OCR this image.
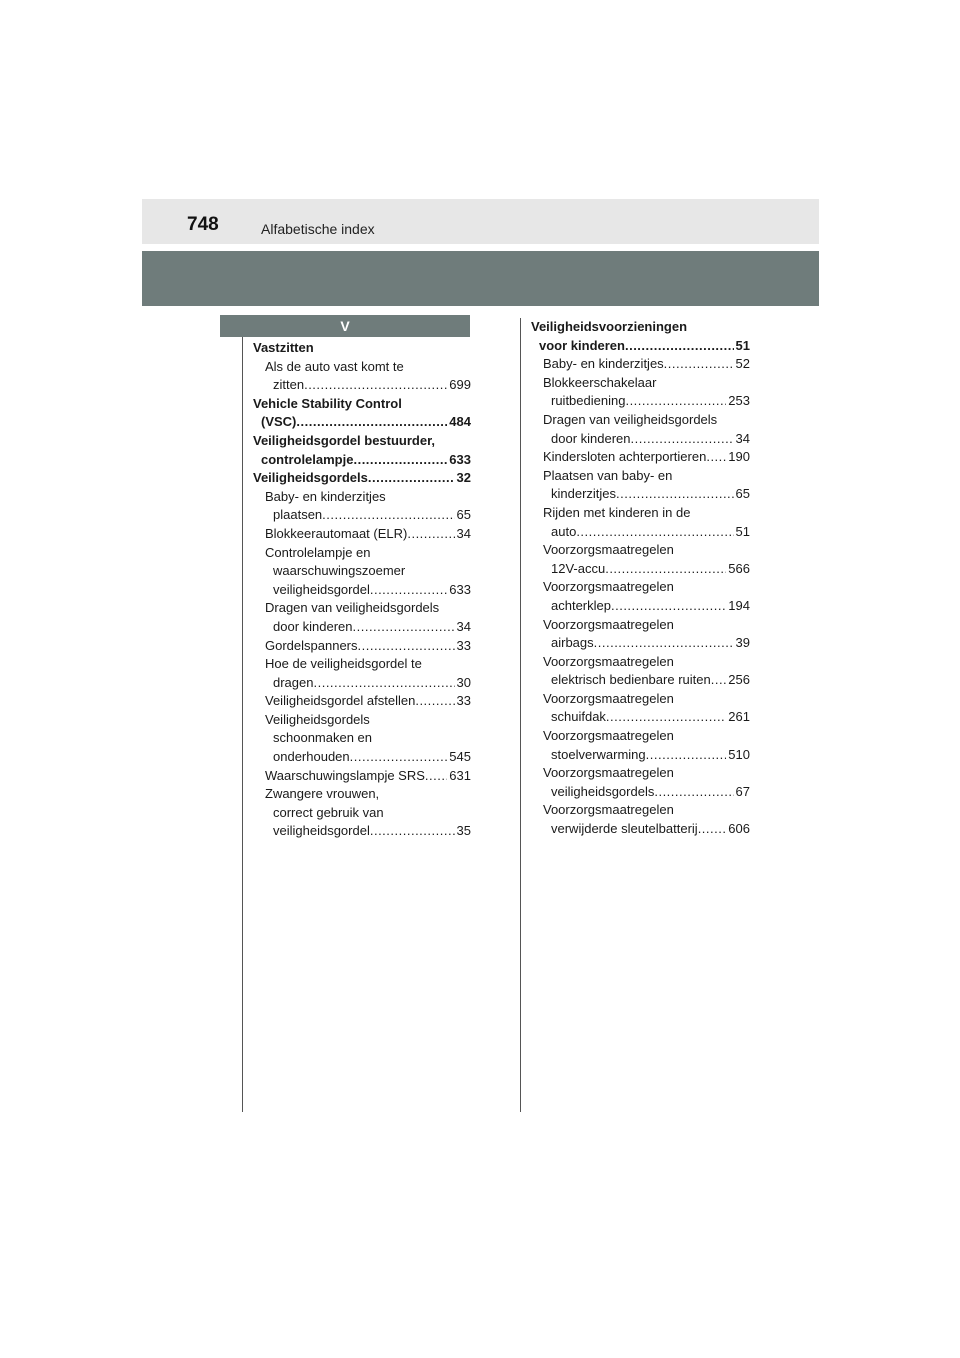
748	Alfabetische index
V
Vastzitten
Als de auto vast komt te
zitten .....	699
Vehicle Stability Control
(VSC) .....	484
Veiligheidsgordel bestuurder,
controlelampje .....	633
Veiligheidsgordels .....	32
Baby- en kinderzitjes
plaatsen .....	65
Blokkeerautomaat (ELR) .....	34
Controlelampje en
waarschuwingszoemer
veiligheidsgordel .....	633
Dragen van veiligheidsgordels
door kinderen .....	34
Gordelspanners .....	33
Hoe de veiligheidsgordel te
dragen .....	30
Veiligheidsgordel afstellen .....	33
Veiligheidsgordels
schoonmaken en
onderhouden .....	545
Waarschuwingslampje SRS ..... 631
Zwangere vrouwen,
correct gebruik van
veiligheidsgordel .....	35
Veiligheidsvoorzieningen
voor kinderen .....	51
Baby- en kinderzitjes .....	52
Blokkeerschakelaar
ruitbediening .....	253
Dragen van veiligheidsgordels
door kinderen .....	34
Kindersloten achterportieren ..... 190
Plaatsen van baby- en
kinderzitjes .....	65
Rijden met kinderen in de
auto .....	51
Voorzorgsmaatregelen
12V-accu .....	566
Voorzorgsmaatregelen
achterklep .....	194
Voorzorgsmaatregelen
airbags .....	39
Voorzorgsmaatregelen
elektrisch bedienbare ruiten ..... 256
Voorzorgsmaatregelen
schuifdak .....	261
Voorzorgsmaatregelen
stoelverwarming .....	510
Voorzorgsmaatregelen
veiligheidsgordels .....	67
Voorzorgsmaatregelen
verwijderde sleutelbatterij ..... 606
